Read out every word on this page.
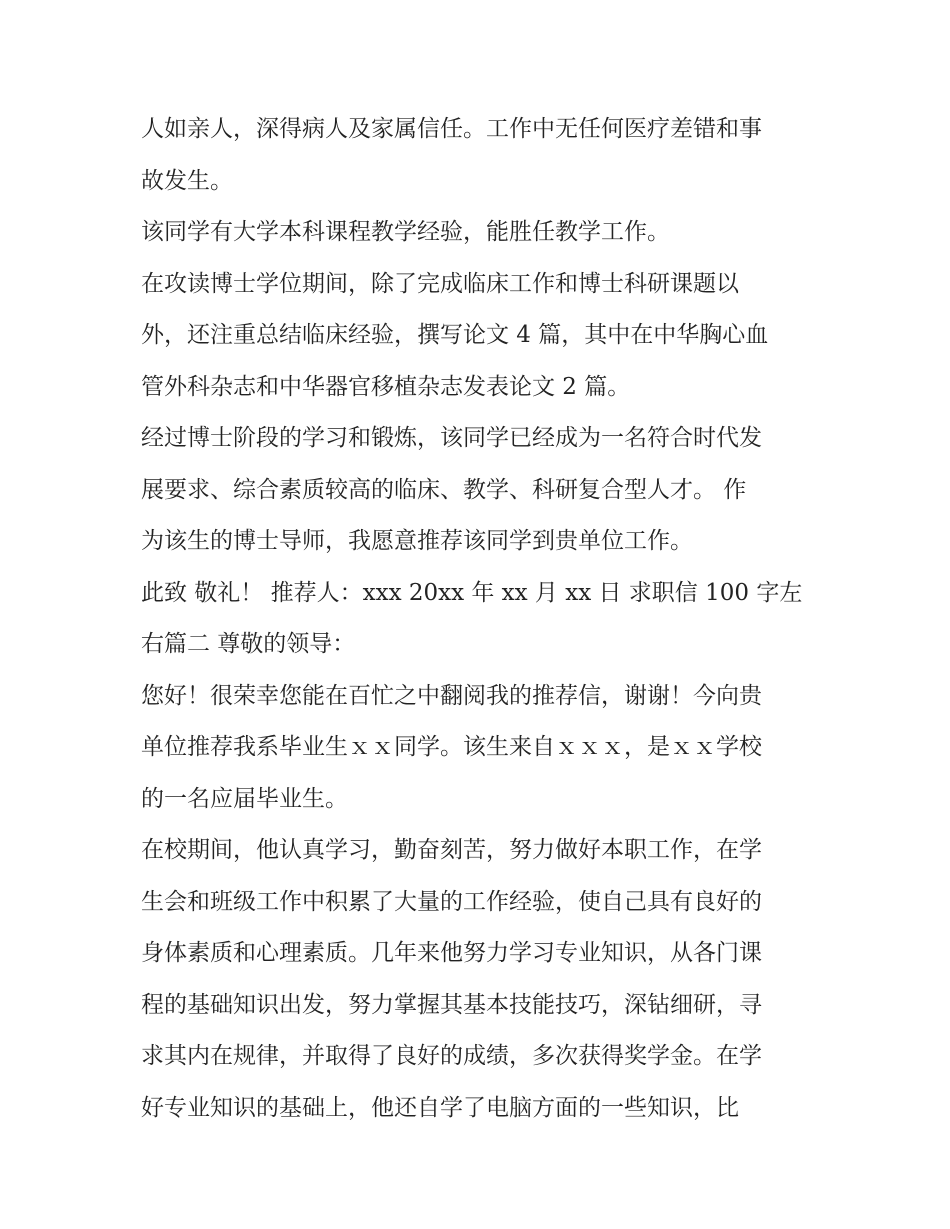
人如亲人，深得病人及家属信任。工作中无任何医疗差错和事
故发生。

该同学有大学本科课程教学经验，能胜任教学工作。

在攻读博士学位期间，除了完成临床工作和博士科研课题以
外，还注重总结临床经验，撰写论文 4 篇，其中在中华胸心血
管外科杂志和中华器官移植杂志发表论文 2 篇。

经过博士阶段的学习和锻炼，该同学已经成为一名符合时代发
展要求、综合素质较高的临床、教学、科研复合型人才。 作
为该生的博士导师，我愿意推荐该同学到贵单位工作。

此致 敬礼！ 推荐人：xxx 20xx 年 xx 月 xx 日 求职信 100 字左
右篇二 尊敬的领导：

您好！很荣幸您能在百忙之中翻阅我的推荐信，谢谢！今向贵
单位推荐我系毕业生ｘｘ同学。该生来自ｘｘｘ，是ｘｘ学校
的一名应届毕业生。

在校期间，他认真学习，勤奋刻苦，努力做好本职工作，在学
生会和班级工作中积累了大量的工作经验，使自己具有良好的
身体素质和心理素质。几年来他努力学习专业知识，从各门课
程的基础知识出发，努力掌握其基本技能技巧，深钻细研，寻
求其内在规律，并取得了良好的成绩，多次获得奖学金。在学
好专业知识的基础上，他还自学了电脑方面的一些知识，比
